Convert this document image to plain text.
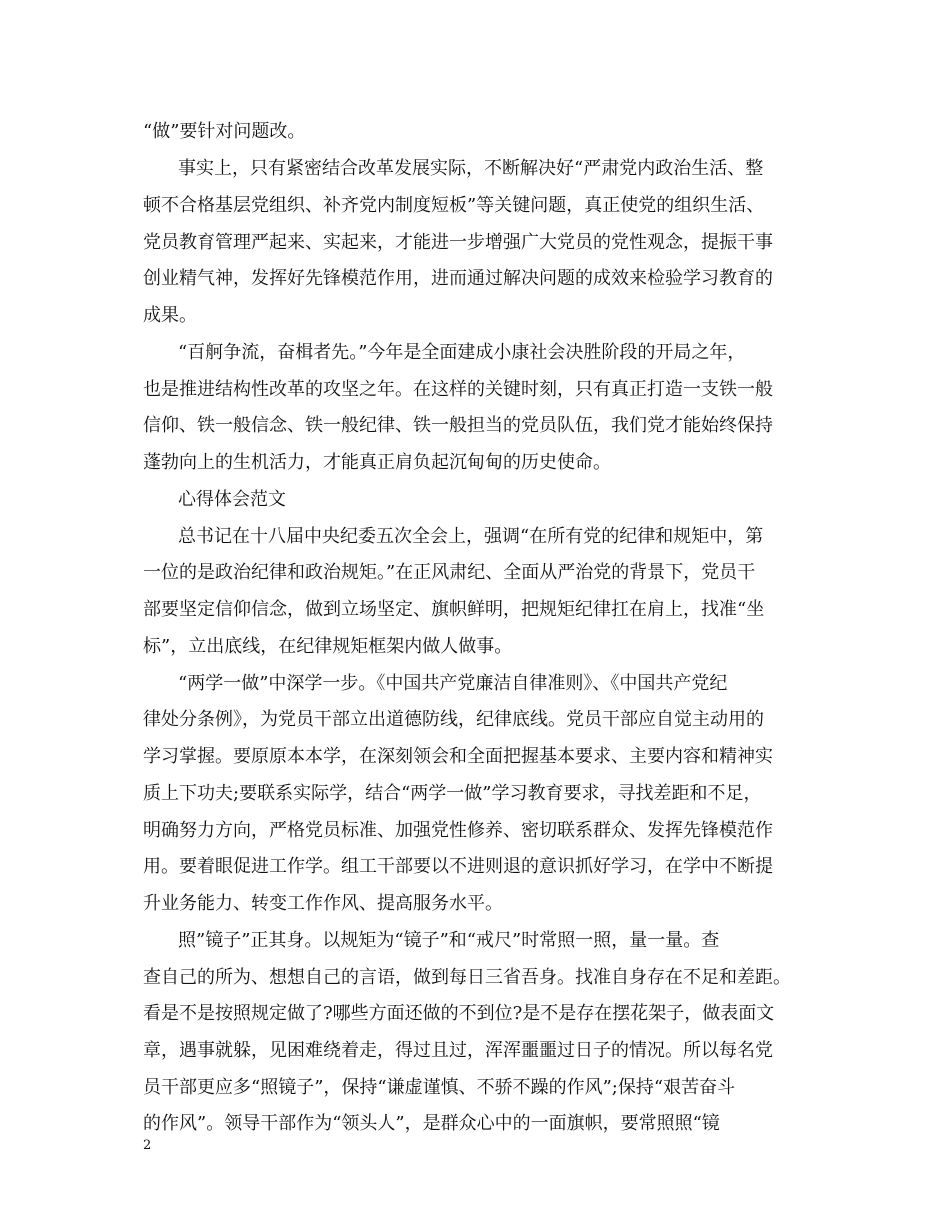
“做”要针对问题改。
事实上，只有紧密结合改革发展实际，不断解决好“严肃党内政治生活、整
顿不合格基层党组织、补齐党内制度短板”等关键问题，真正使党的组织生活、
党员教育管理严起来、实起来，才能进一步增强广大党员的党性观念，提振干事
创业精气神，发挥好先锋模范作用，进而通过解决问题的成效来检验学习教育的
成果。
“百舸争流，奋楫者先。”今年是全面建成小康社会决胜阶段的开局之年，
也是推进结构性改革的攻坚之年。在这样的关键时刻，只有真正打造一支铁一般
信仰、铁一般信念、铁一般纪律、铁一般担当的党员队伍，我们党才能始终保持
蓬勃向上的生机活力，才能真正肩负起沉甸甸的历史使命。
心得体会范文
总书记在十八届中央纪委五次全会上，强调“在所有党的纪律和规矩中，第
一位的是政治纪律和政治规矩。”在正风肃纪、全面从严治党的背景下，党员干
部要坚定信仰信念，做到立场坚定、旗帜鲜明，把规矩纪律扛在肩上，找准“坐
标”，立出底线，在纪律规矩框架内做人做事。
“两学一做”中深学一步。《中国共产党廉洁自律准则》、《中国共产党纪
律处分条例》，为党员干部立出道德防线，纪律底线。党员干部应自觉主动用的
学习掌握。要原原本本学，在深刻领会和全面把握基本要求、主要内容和精神实
质上下功夫;要联系实际学，结合“两学一做”学习教育要求，寻找差距和不足，
明确努力方向，严格党员标准、加强党性修养、密切联系群众、发挥先锋模范作
用。要着眼促进工作学。组工干部要以不进则退的意识抓好学习，在学中不断提
升业务能力、转变工作作风、提高服务水平。
照”镜子”正其身。以规矩为“镜子”和“戒尺”时常照一照，量一量。查
查自己的所为、想想自己的言语，做到每日三省吾身。找准自身存在不足和差距。
看是不是按照规定做了?哪些方面还做的不到位?是不是存在摆花架子，做表面文
章，遇事就躲，见困难绕着走，得过且过，浑浑噩噩过日子的情况。所以每名党
员干部更应多“照镜子”，保持“谦虚谨慎、不骄不躁的作风”;保持“艰苦奋斗
的作风”。领导干部作为“领头人”，是群众心中的一面旗帜，要常照照“镜
2
